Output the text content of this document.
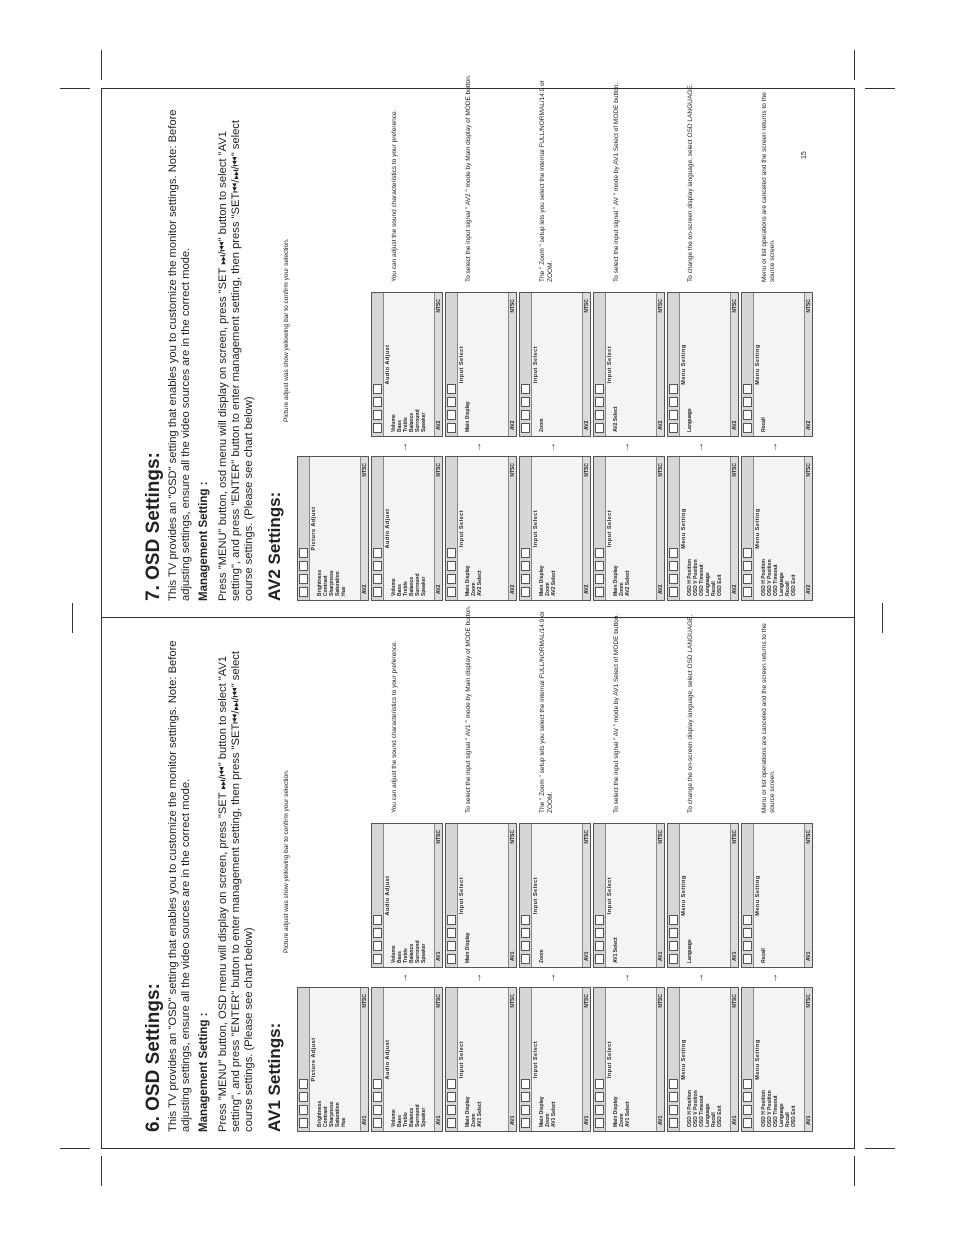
6. OSD Settings: This TV provides an "OSD" setting that enables you to customize the monitor settings. Note: Before adjusting settings, ensure all the video sources are in the correct mode. Management Setting : Press "MENU" button, OSD menu will display on screen, press "SET ⏭/⏮" button to select "AV1 setting", and press "ENTER" button to enter management setting, then press "SET⏮/⏭/⏮" select course settings. (Please see chart below) AV1 Settings:
Picture adjust was show yellowing bar to confirm your selection.
Picture Adjust
Brightness Contrast Sharpness Saturation Hue	AV1
NTSC
Audio Adjust
Volume Bass Treble Balance Surround Speaker AV1
NTSC
→
Audio Adjust
Volume Bass Treble Balance Surround Speaker AV1
NTSC
You can adjust the sound characteristics to your preference.
Input Select
Main Display Zoom AV1 Select	AV1
NTSC
→
Input Select
Main Display	AV1
NTSC
To select the input signal " AV1 " mode by Main display of MODE button.
Input Select
Main Display Zoom AV1 Select	AV1
NTSC
→
Input Select
Zoom	AV1
NTSC
The " Zoom " setup lets you select the internal FULL/NORMAL/14:9 or ZOOM.
Input Select
Main Display Zoom AV1 Select	AV1
NTSC
→
Input Select
AV1 Select	AV1
NTSC
To select the input signal " AV " mode by AV1 Select of MODE button.
Menu Setting
OSD H Position OSD V Position OSD Timeout Language Recall OSD Exit AV1
NTSC
→
Menu Setting
Language	AV1
NTSC
To change the on-screen display language, select OSD LANGUAGE.
Menu Setting
OSD H Position OSD V Position OSD Timeout Language Recall OSD Exit AV1
NTSC
→
Menu Setting
Recall	AV1
NTSC
Menu or list operations are canceled and the screen returns to the source screen.
7. OSD Settings: This TV provides an "OSD" setting that enables you to customize the monitor settings. Note: Before adjusting settings, ensure all the video sources are in the correct mode. Management Setting : Press "MENU" button, osd menu will display on screen, press "SET ⏭/⏮" button to select "AV1 setting", and press "ENTER" button to enter management setting, then press "SET⏮/⏭/⏮" select course settings. (Please see chart below) AV2 Settings:
Picture adjust was show yellowing bar to confirm your selection.
15
Picture Adjust
Brightness Contrast Sharpness Saturation Hue	AV2
NTSC
Audio Adjust
Volume Bass Treble Balance Surround Speaker AV2
NTSC
→
Audio Adjust
Volume Bass Treble Balance Surround Speaker AV2
NTSC
You can adjust the sound characteristics to your preference.
Input Select
Main Display Zoom AV2 Select	AV2
NTSC
→
Input Select
Main Display	AV2
NTSC
To select the input signal " AV2 " mode by Main display of MODE button.
Input Select
Main Display Zoom AV2 Select	AV2
NTSC
→
Input Select
Zoom	AV2
NTSC
The " Zoom " setup lets you select the internal FULL/NORMAL/14:9 or ZOOM.
Input Select
Main Display Zoom AV2 Select	AV2
NTSC
→
Input Select
AV2 Select	AV2
NTSC
To select the input signal " AV " mode by AV1 Select of MODE button.
Menu Setting
OSD H Position OSD V Position OSD Timeout Language Recall OSD Exit AV2
NTSC
→
Menu Setting
Language	AV2
NTSC
To change the on-screen display language, select OSD LANGUAGE.
Menu Setting
OSD H Position OSD V Position OSD Timeout Language Recall OSD Exit AV2
NTSC
→
Menu Setting
Recall	AV2
NTSC
Menu or list operations are canceled and the screen returns to the source screen.
